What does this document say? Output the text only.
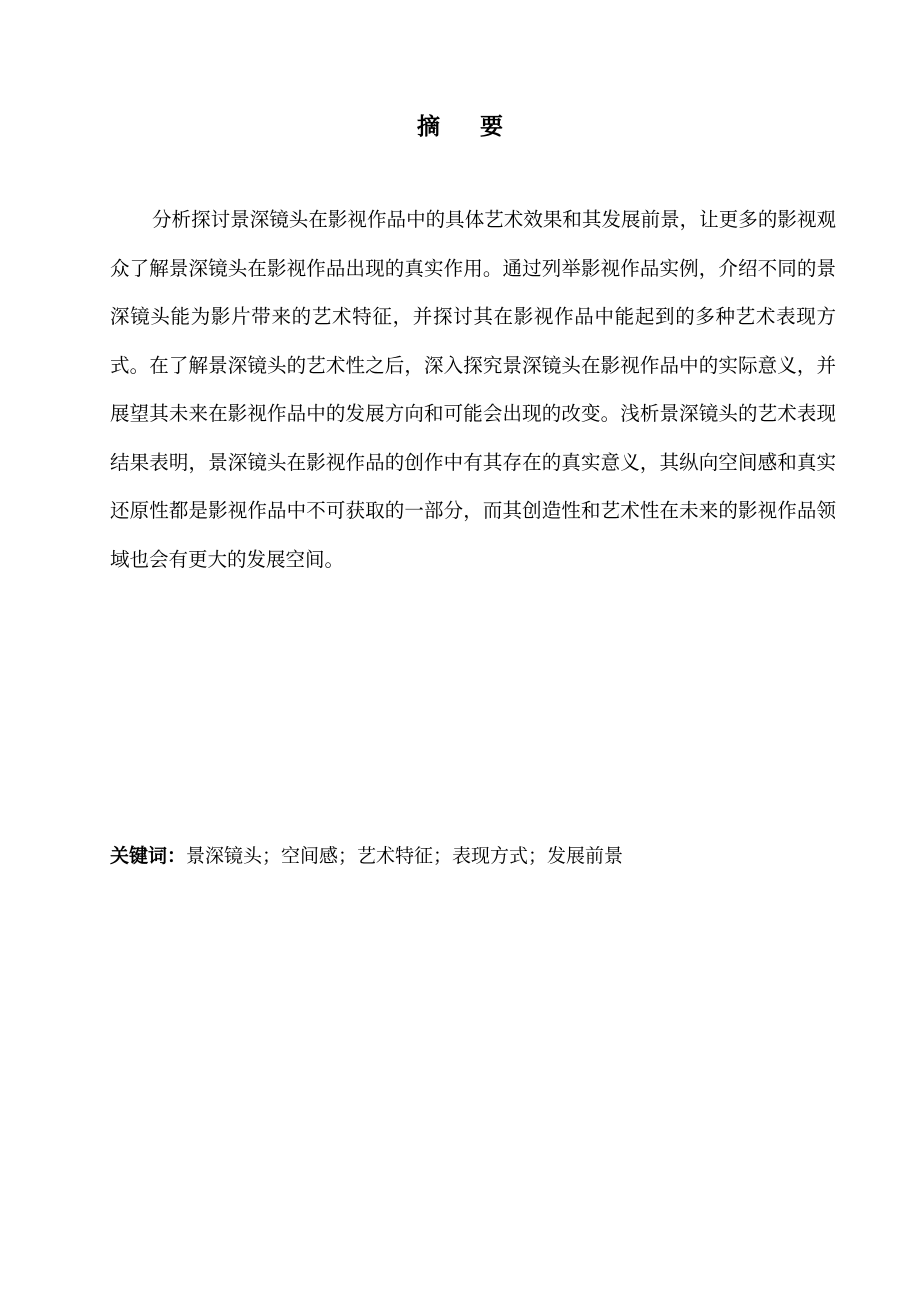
摘要

分析探讨景深镜头在影视作品中的具体艺术效果和其发展前景，让更多的影视观众了解景深镜头在影视作品出现的真实作用。通过列举影视作品实例，介绍不同的景深镜头能为影片带来的艺术特征，并探讨其在影视作品中能起到的多种艺术表现方式。在了解景深镜头的艺术性之后，深入探究景深镜头在影视作品中的实际意义，并展望其未来在影视作品中的发展方向和可能会出现的改变。浅析景深镜头的艺术表现结果表明，景深镜头在影视作品的创作中有其存在的真实意义，其纵向空间感和真实还原性都是影视作品中不可获取的一部分，而其创造性和艺术性在未来的影视作品领域也会有更大的发展空间。

关键词：景深镜头；空间感；艺术特征；表现方式；发展前景
